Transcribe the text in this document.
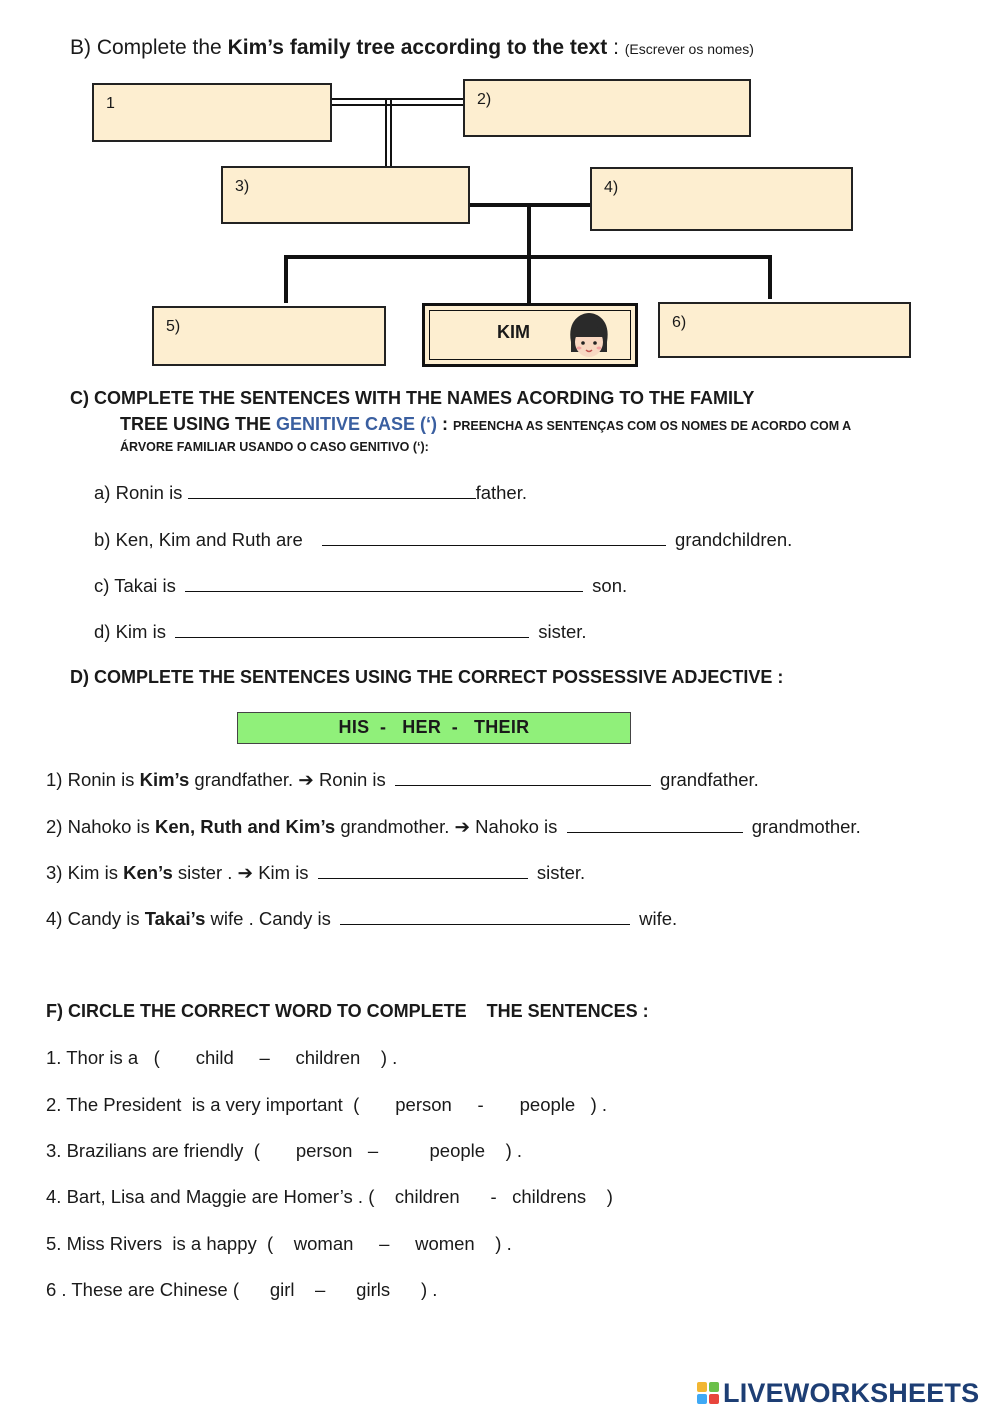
B) Complete the Kim’s family tree according to the text : (Escrever os nomes)
1	2)
3)	4)
5)	6)
KIM
C) COMPLETE THE SENTENCES WITH THE NAMES ACORDING TO THE FAMILY
TREE USING THE GENITIVE CASE (‘) : PREENCHA AS SENTENÇAS COM OS NOMES DE ACORDO COM A
ÁRVORE FAMILIAR USANDO O CASO GENITIVO (‘):
a) Ronin is	father.
b) Ken, Kim and Ruth are	grandchildren.
c) Takai is	son.
d) Kim is	sister.
D) COMPLETE THE SENTENCES USING THE CORRECT POSSESSIVE ADJECTIVE :
HIS  -   HER  -   THEIR
1) Ronin is Kim’s grandfather. ➔ Ronin is	grandfather.
2) Nahoko is Ken, Ruth and Kim’s grandmother. ➔ Nahoko is	grandmother.
3) Kim is Ken’s sister . ➔ Kim is	sister.
4) Candy is Takai’s wife . Candy is	wife.
F) CIRCLE THE CORRECT WORD TO COMPLETE    THE SENTENCES :
1. Thor is a   (       child     –     children    ) .
2. The President  is a very important  (       person     -       people   ) .
3. Brazilians are friendly  (       person   –          people    ) .
4. Bart, Lisa and Maggie are Homer’s . (    children      -   childrens    )
5. Miss Rivers  is a happy  (    woman     –     women    ) .
6 . These are Chinese (      girl    –      girls      ) .
LIVEWORKSHEETS
